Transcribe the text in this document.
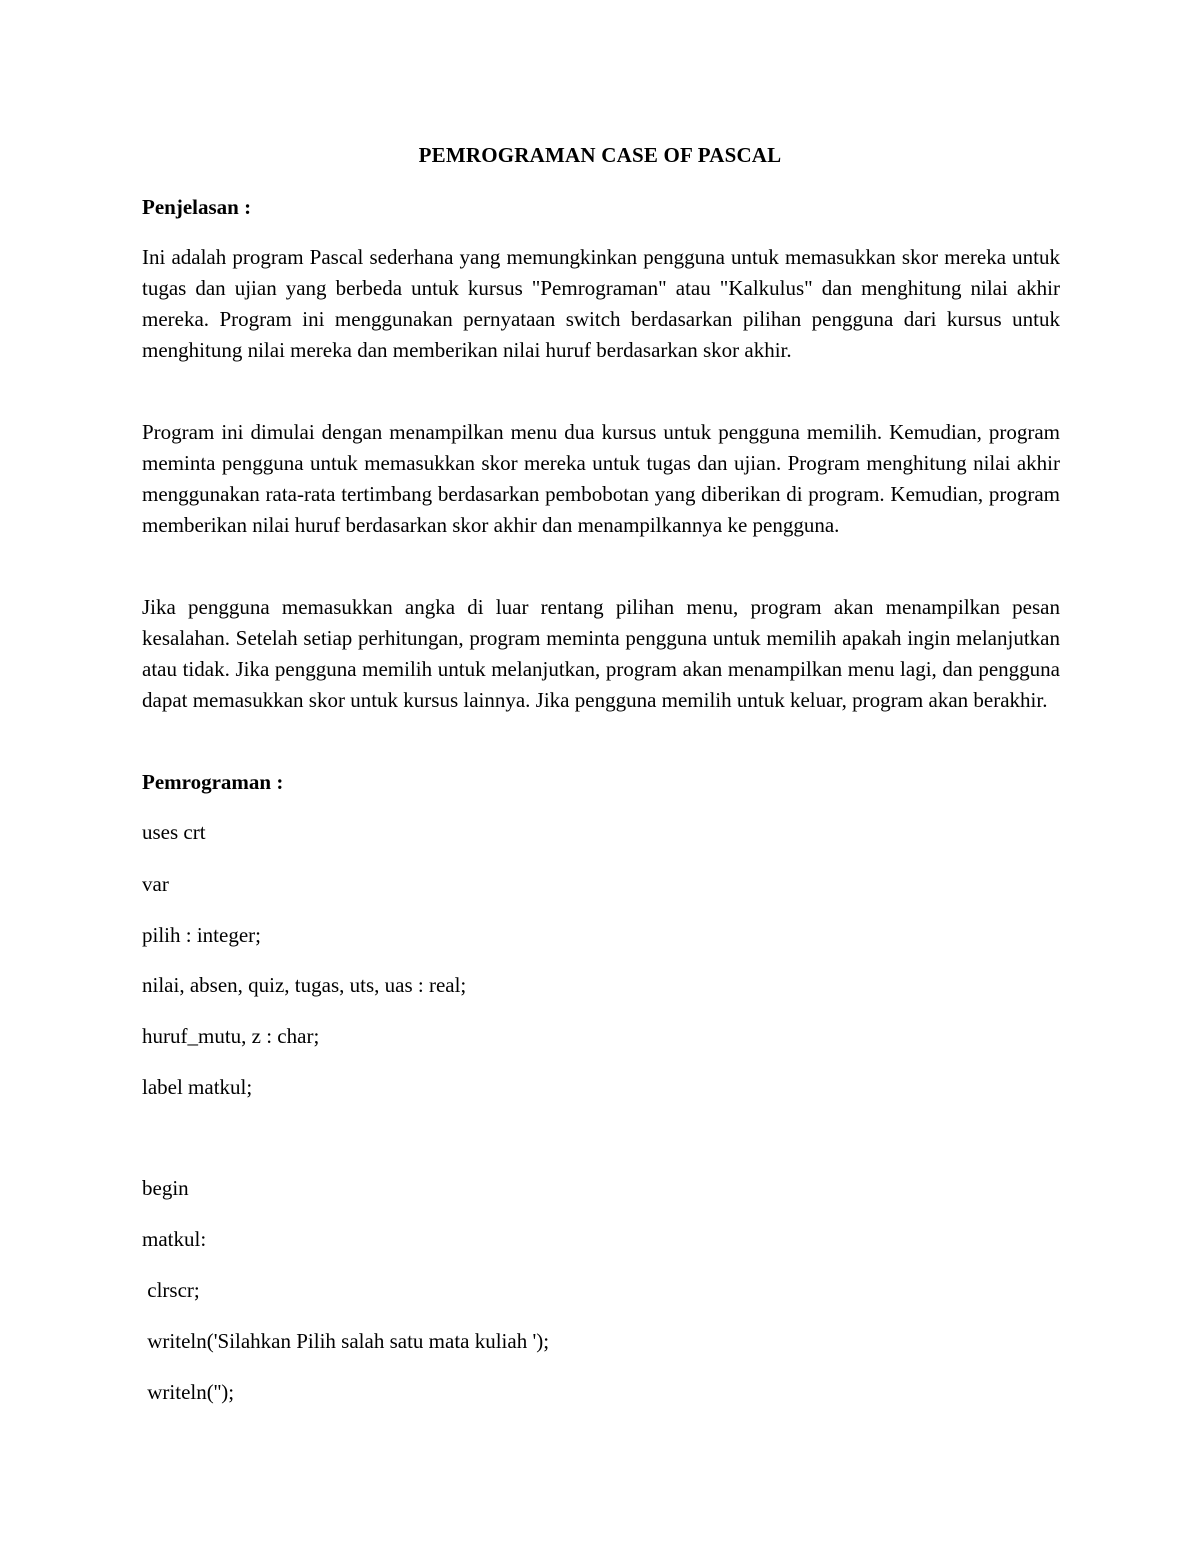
PEMROGRAMAN CASE OF PASCAL
Penjelasan :

Ini adalah program Pascal sederhana yang memungkinkan pengguna untuk memasukkan skor mereka untuk tugas dan ujian yang berbeda untuk kursus "Pemrograman" atau "Kalkulus" dan menghitung nilai akhir mereka. Program ini menggunakan pernyataan switch berdasarkan pilihan pengguna dari kursus untuk menghitung nilai mereka dan memberikan nilai huruf berdasarkan skor akhir.

Program ini dimulai dengan menampilkan menu dua kursus untuk pengguna memilih. Kemudian, program meminta pengguna untuk memasukkan skor mereka untuk tugas dan ujian. Program menghitung nilai akhir menggunakan rata-rata tertimbang berdasarkan pembobotan yang diberikan di program. Kemudian, program memberikan nilai huruf berdasarkan skor akhir dan menampilkannya ke pengguna.

Jika pengguna memasukkan angka di luar rentang pilihan menu, program akan menampilkan pesan kesalahan. Setelah setiap perhitungan, program meminta pengguna untuk memilih apakah ingin melanjutkan atau tidak. Jika pengguna memilih untuk melanjutkan, program akan menampilkan menu lagi, dan pengguna dapat memasukkan skor untuk kursus lainnya. Jika pengguna memilih untuk keluar, program akan berakhir.

Pemrograman :
uses crt
var
pilih : integer;
nilai, absen, quiz, tugas, uts, uas : real;
huruf_mutu, z : char;
label matkul;
begin
matkul:
clrscr;
writeln('Silahkan Pilih salah satu mata kuliah ');
writeln('');
